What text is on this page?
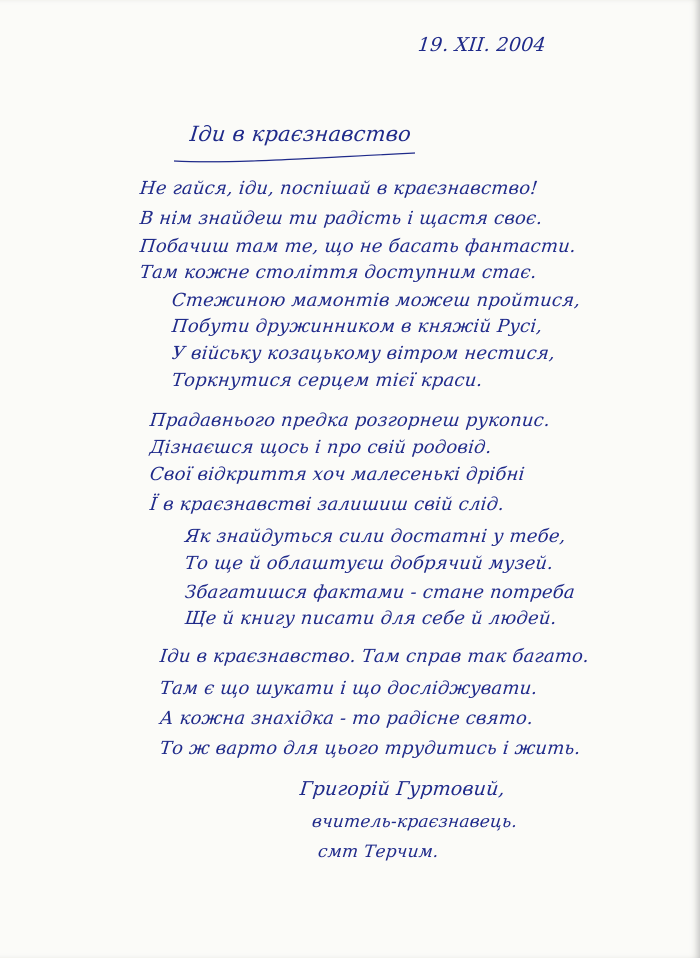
19. XII. 2004
Іди в краєзнавство
Не гайся, іди, поспішай в краєзнавство!
В нім знайдеш ти радість і щастя своє.
Побачиш там те, що не басать фантасти.
Там кожне століття доступним стає.
Стежиною мамонтів можеш пройтися,
Побути дружинником в княжій Русі,
У війську козацькому вітром нестися,
Торкнутися серцем тієї краси.
Прадавнього предка розгорнеш рукопис.
Дізнаєшся щось і про свій родовід.
Свої відкриття хоч малесенькі дрібні
Ї в краєзнавстві залишиш свій слід.
Як знайдуться сили достатні у тебе,
То ще й облаштуєш добрячий музей.
Збагатишся фактами - стане потреба
Ще й книгу писати для себе й людей.
Іди в краєзнавство. Там справ так багато.
Там є що шукати і що досліджувати.
А кожна знахідка - то радісне свято.
То ж варто для цього трудитись і жить.
Григорій Гуртовий,
вчитель-краєзнавець.
смт Терчим.
